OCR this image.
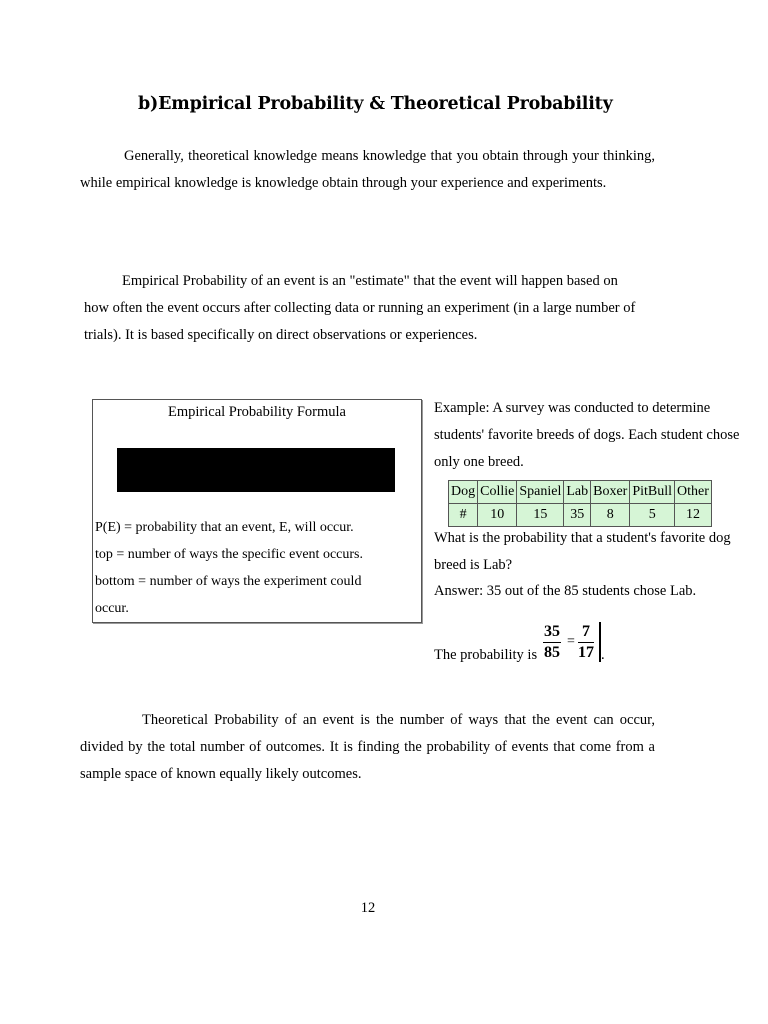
b)Empirical Probability & Theoretical Probability
Generally, theoretical knowledge means knowledge that you obtain through your thinking, while empirical knowledge is knowledge obtain through your experience and experiments.
Empirical Probability of an event is an "estimate" that the event will happen based on how often the event occurs after collecting data or running an experiment (in a large number of trials). It is based specifically on direct observations or experiences.
Empirical Probability Formula
P(E) = probability that an event, E, will occur.
top = number of ways the specific event occurs.
bottom = number of ways the experiment could
occur.
Example: A survey was conducted to determine students' favorite breeds of dogs. Each student chose only one breed.
Dog	Collie	Spaniel	Lab	Boxer	PitBull	Other
#	10	15	35	8	5	12
What is the probability that a student's favorite dog breed is Lab?
Answer: 35 out of the 85 students chose Lab.
The probability is $\frac{35}{85} = \frac{7}{17}$ .
Theoretical Probability of an event is the number of ways that the event can occur, divided by the total number of outcomes. It is finding the probability of events that come from a sample space of known equally likely outcomes.
12
